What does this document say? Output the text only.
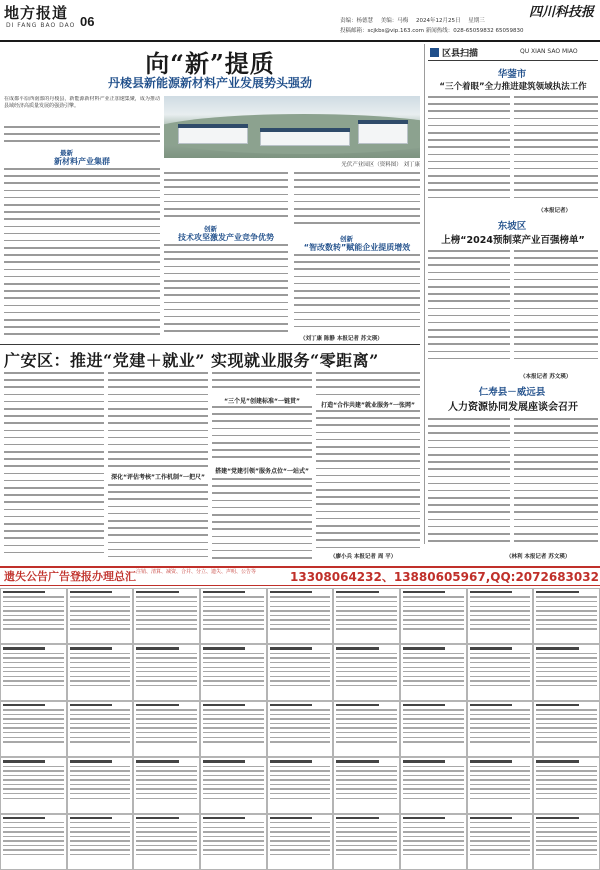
地方报道
DI FANG BAO DAO 06	责编：杨德慧 美编：马梅 2024年12月25日 星期三
投稿邮箱：scjkbs@vip.163.com 新闻热线：028-65059832 65059830
四川科技报
向“新”提质
丹棱县新能源新材料产业发展势头强劲
在成都平原西南部的丹棱县，新能源新材料产业正加速集聚，成为推动县域经济高质量发展的强劲引擎。
最新
新材料产业集群	光伏产业园区（资料图） 刘丁康
创新
技术攻坚激发产业竞争优势	创新
“智改数转”赋能企业提质增效
（刘丁康 陈静 本报记者 苏文瑛）
广安区：推进“党建＋就业” 实现就业服务“零距离”
深化“评估考核”工作机制“一把尺”
“三个见”创建标准“一链贯”
搭建“党建引领”服务点位“一站式”
打造“合作共建”就业服务“一张网”
（廖小兵 本报记者 周 平）
区县扫描	QU XIAN SAO MIAO
华蓥市
“三个着眼”全力推进建筑领域执法工作
（本报记者）
东坡区
上榜“2024预制菜产业百强榜单”
（本报记者 苏文瑛）
仁寿县－威远县
人力资源协同发展座谈会召开
（林利 本报记者 苏文瑛）
遗失公告广告登报办理总汇 注销、清算、减资、合并、分立、遗失、声明、公告等	13308064232、13880605967,QQ:2072683032
